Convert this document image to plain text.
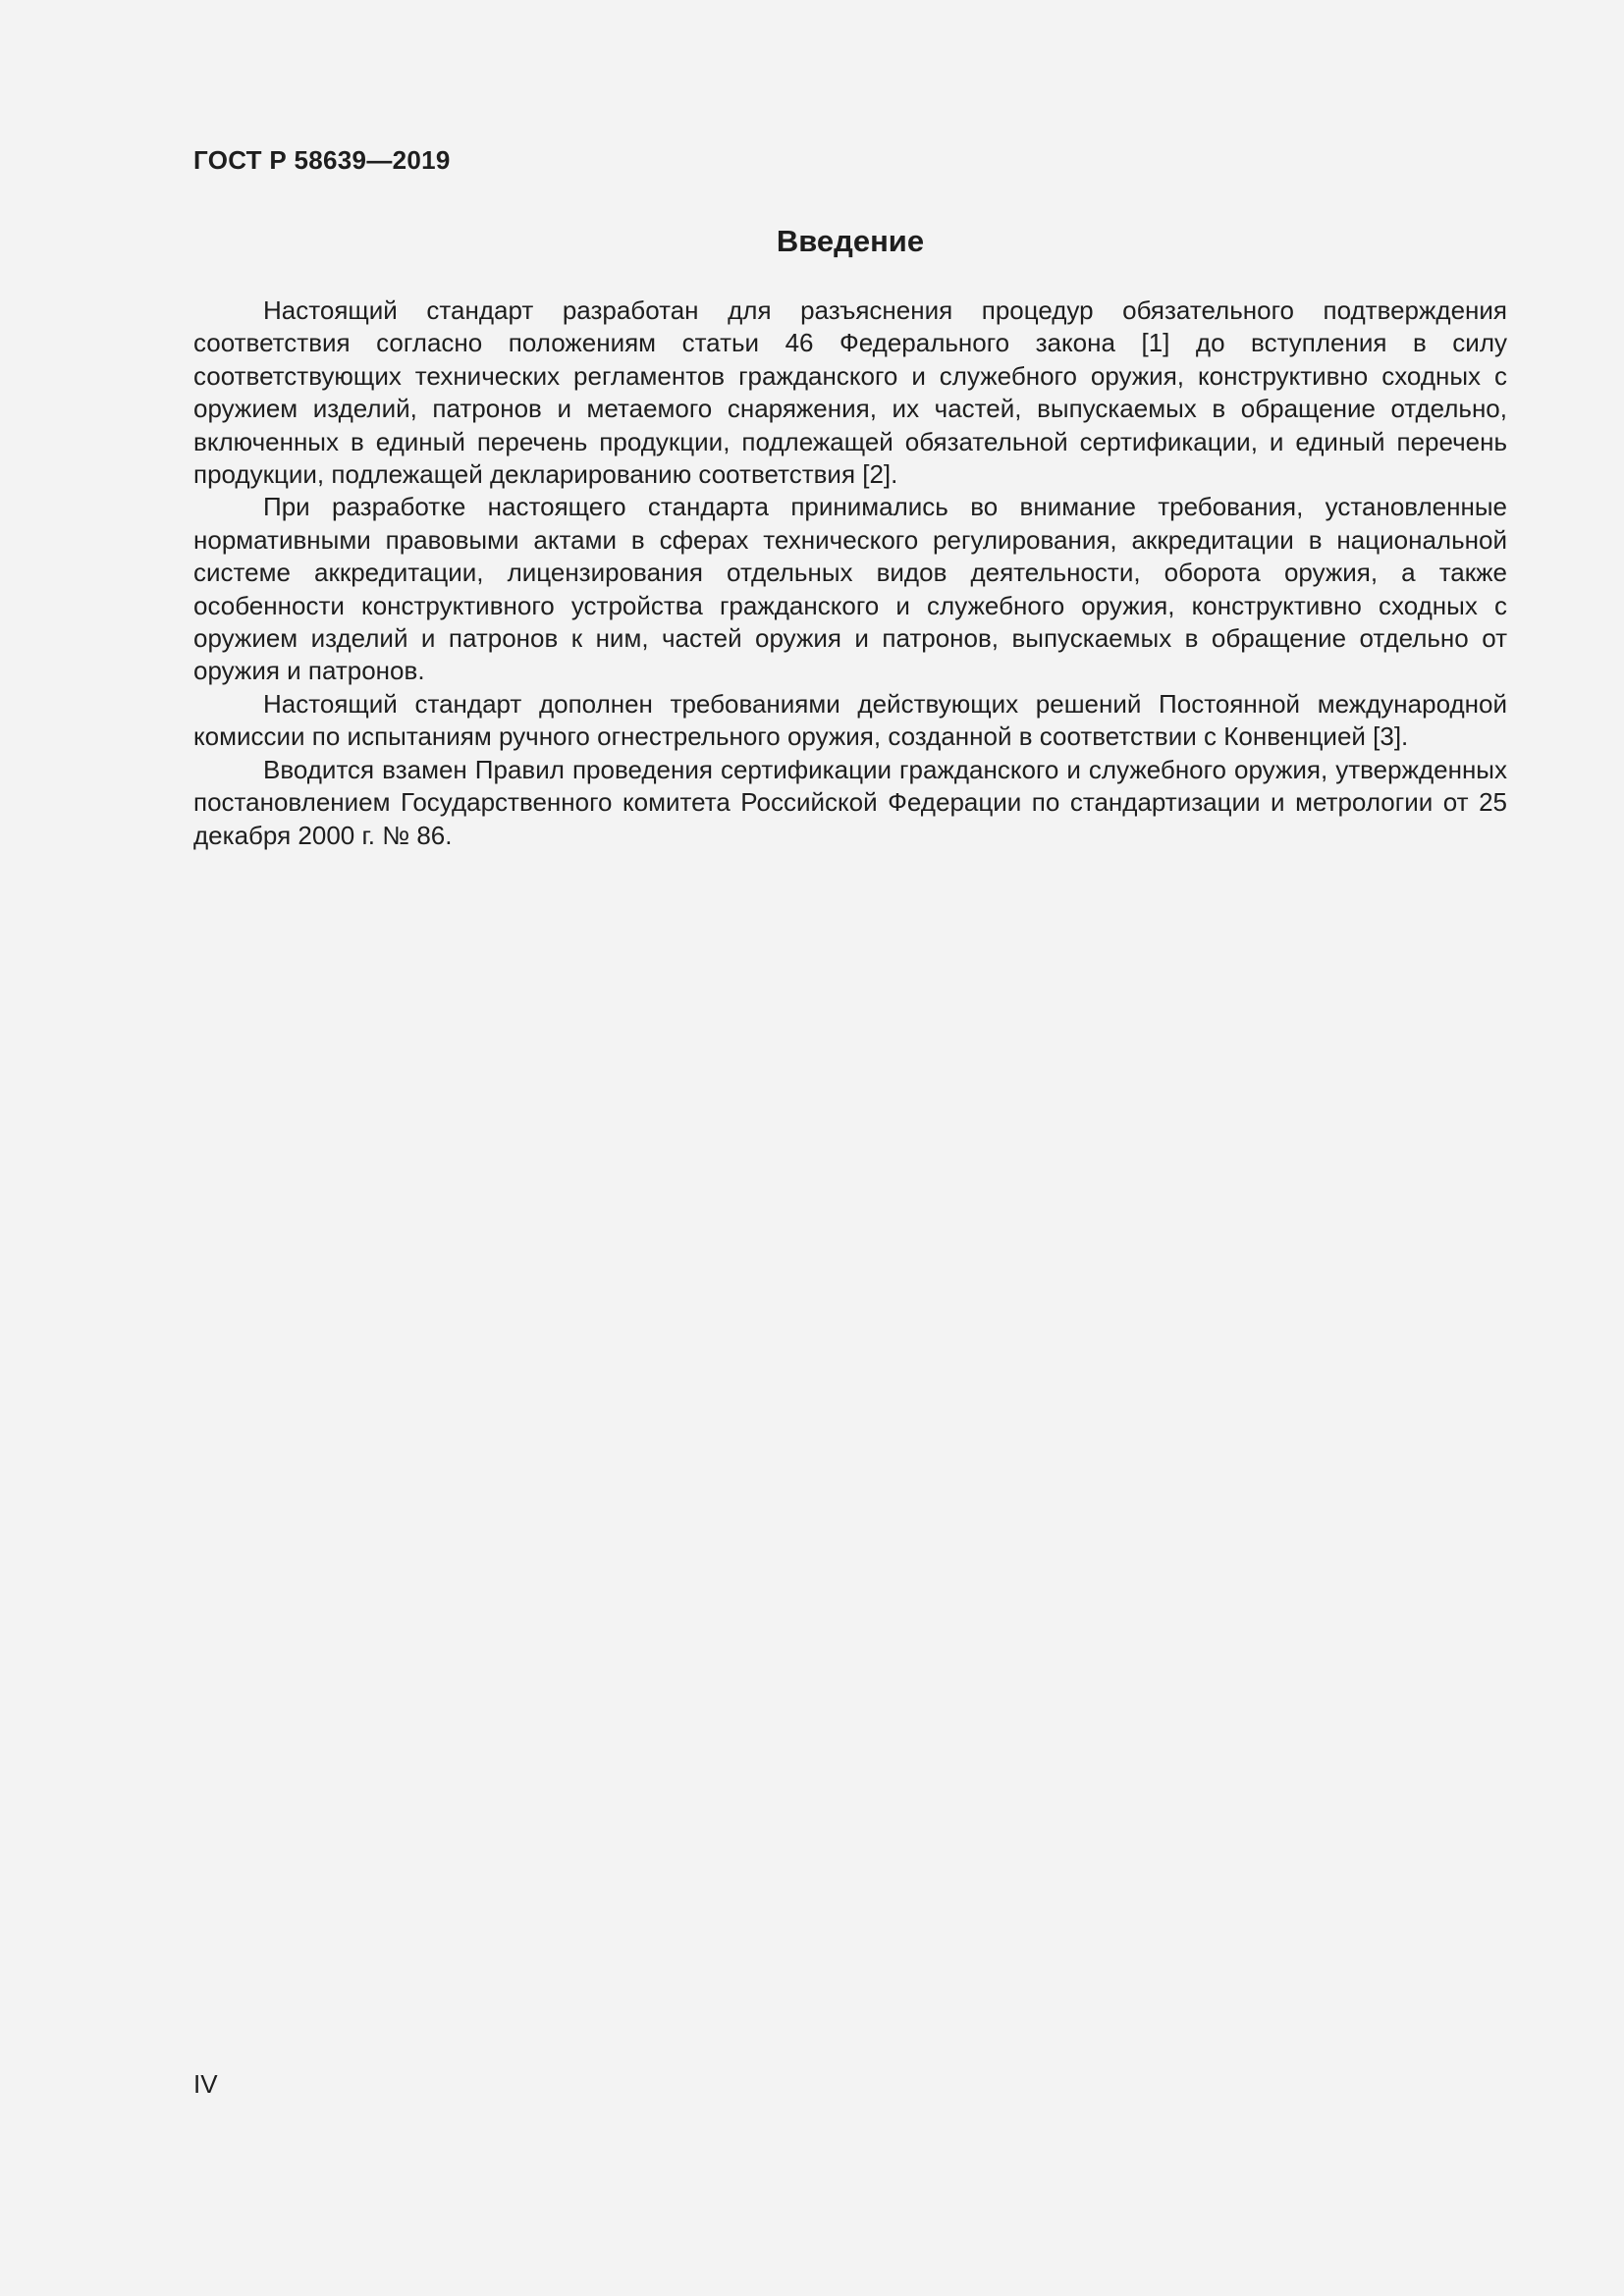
ГОСТ Р 58639—2019
Введение

Настоящий стандарт разработан для разъяснения процедур обязательного подтверждения соответствия согласно положениям статьи 46 Федерального закона [1] до вступления в силу соответствующих технических регламентов гражданского и служебного оружия, конструктивно сходных с оружием изделий, патронов и метаемого снаряжения, их частей, выпускаемых в обращение отдельно, включенных в единый перечень продукции, подлежащей обязательной сертификации, и единый перечень продукции, подлежащей декларированию соответствия [2].

При разработке настоящего стандарта принимались во внимание требования, установленные нормативными правовыми актами в сферах технического регулирования, аккредитации в национальной системе аккредитации, лицензирования отдельных видов деятельности, оборота оружия, а также особенности конструктивного устройства гражданского и служебного оружия, конструктивно сходных с оружием изделий и патронов к ним, частей оружия и патронов, выпускаемых в обращение отдельно от оружия и патронов.

Настоящий стандарт дополнен требованиями действующих решений Постоянной международной комиссии по испытаниям ручного огнестрельного оружия, созданной в соответствии с Конвенцией [3].

Вводится взамен Правил проведения сертификации гражданского и служебного оружия, утвержденных постановлением Государственного комитета Российской Федерации по стандартизации и метрологии от 25 декабря 2000 г. № 86.

IV
